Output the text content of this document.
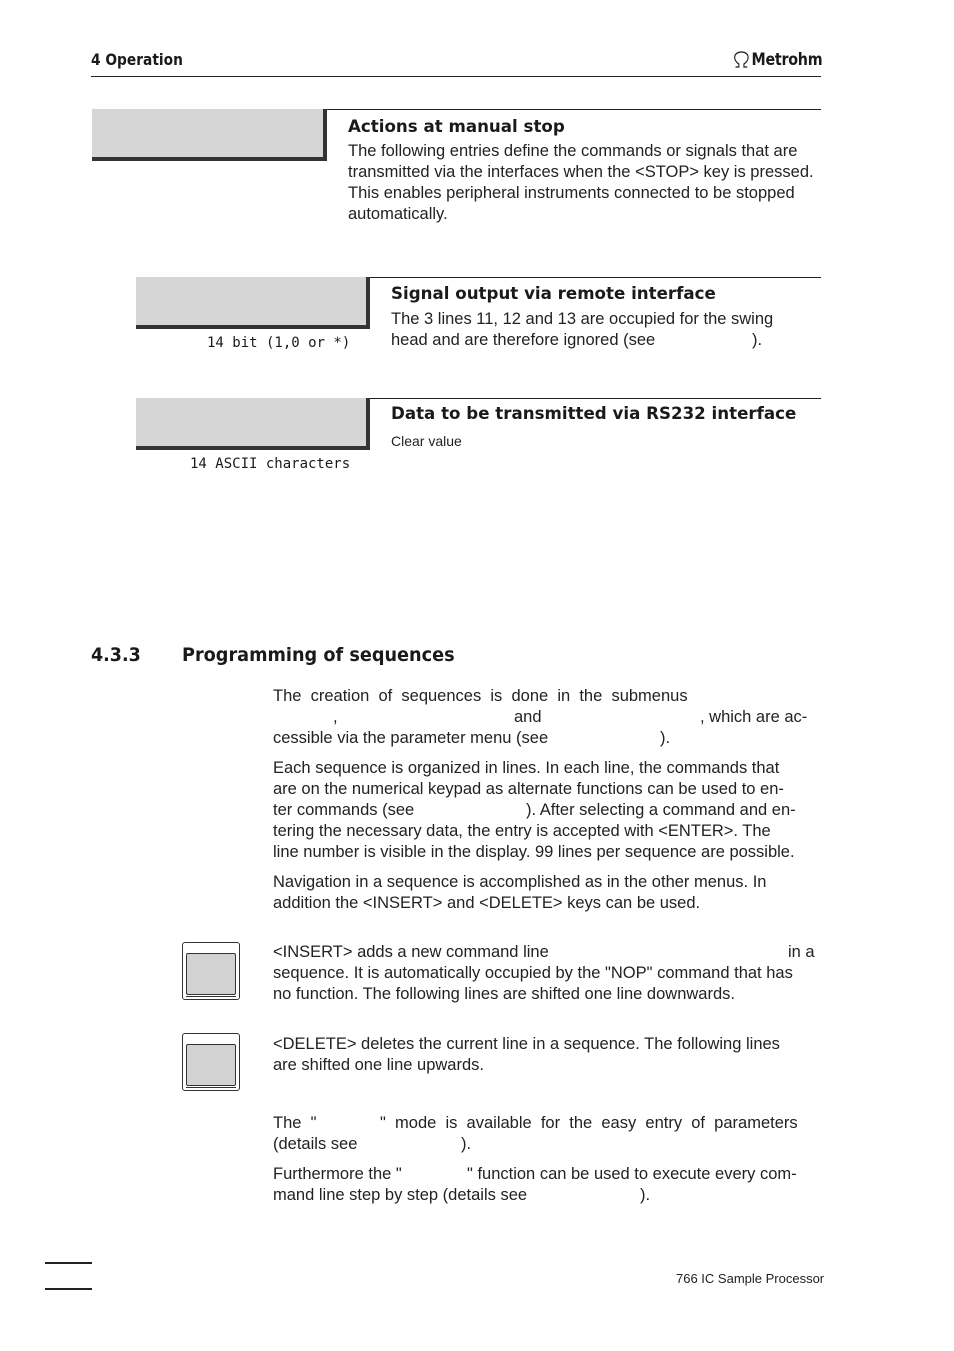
4 Operation	Metrohm
Actions at manual stop
The following entries define the commands or signals that are transmitted via the interfaces when the <STOP> key is pressed. This enables peripheral instruments connected to be stopped automatically.
Signal output via remote interface
The 3 lines 11, 12 and 13 are occupied for the swing
head and are therefore ignored (see	).
14 bit (1,0 or *)
Data to be transmitted via RS232 interface
Clear value
14 ASCII characters
4.3.3 Programming of sequences
The  creation  of  sequences  is  done  in  the  submenus
,	and	, which are ac-
cessible via the parameter menu (see	).
Each sequence is organized in lines. In each line, the commands that
are on the numerical keypad as alternate functions can be used to en-
ter commands (see	). After selecting a command and en-
tering the necessary data, the entry is accepted with <ENTER>. The
line number is visible in the display. 99 lines per sequence are possible.
Navigation in a sequence is accomplished as in the other menus. In
addition the <INSERT> and <DELETE> keys can be used.
<INSERT> adds a new command line	in a
sequence. It is automatically occupied by the "NOP" command that has
no function. The following lines are shifted one line downwards.
<DELETE> deletes the current line in a sequence. The following lines
are shifted one line upwards.
The  "	"  mode  is  available  for  the  easy  entry  of  parameters
(details see	).
Furthermore the "	" function can be used to execute every com-
mand line step by step (details see	).
766 IC Sample Processor
